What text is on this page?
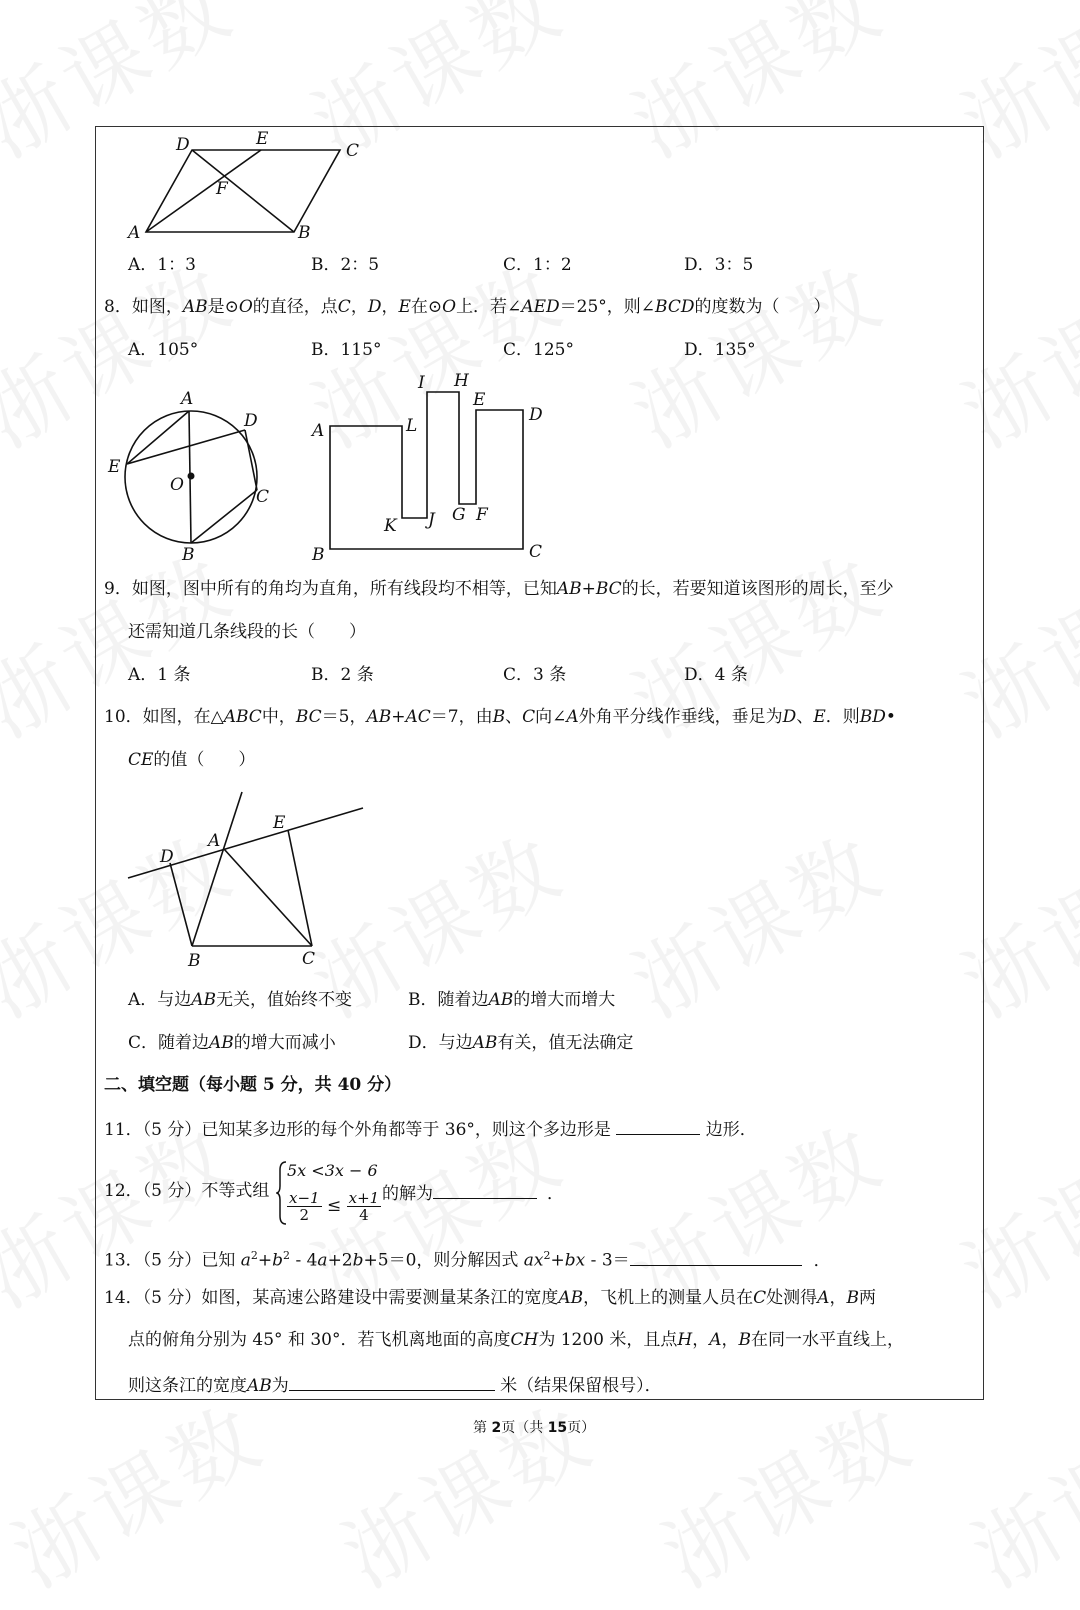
D	E
C
F
A	B
A．1：3	B．2：5	C．1：2	D．3：5
8．如图，AB是⊙O的直径，点C，D，E在⊙O上．若∠AED＝25°，则∠BCD的度数为（　　）
A．105°	B．115°	C．125°	D．135°
A
D
E
O
C
B
I H
E
D
A	L
K J G F
B	C
9．如图，图中所有的角均为直角，所有线段均不相等，已知AB+BC的长，若要知道该图形的周长，至少
还需知道几条线段的长（　　）
A．1 条	B．2 条	C．3 条	D．4 条
10．如图，在△ABC中，BC＝5，AB+AC＝7，由B、C向∠A外角平分线作垂线，垂足为D、E．则BD•
CE的值（　　）
E
A
D
B	C
A．与边AB无关，值始终不变	B．随着边AB的增大而增大
C．随着边AB的增大而减小	D．与边AB有关，值无法确定
二、填空题（每小题 5 分，共 40 分）
11．（5 分）已知某多边形的每个外角都等于 36°，则这个多边形是	边形．
12．（5 分）不等式组
5𝑥 <3𝑥 − 6
$\frac{\text{𝑥−1}}{2} \le \frac{\text{𝑥+1}}{4}$ 的解为	．
13．（5 分）已知 $a^2+b^2 - 4a+2b+5=0$，则分解因式 $ax^2+bx - 3=$	．
14．（5 分）如图，某高速公路建设中需要测量某条江的宽度AB，飞机上的测量人员在C处测得A，B两
点的俯角分别为 45° 和 30°．若飞机离地面的高度CH为 1200 米，且点H，A，B在同一水平直线上，
则这条江的宽度AB为	米（结果保留根号）．
第 2页（共 15页）
